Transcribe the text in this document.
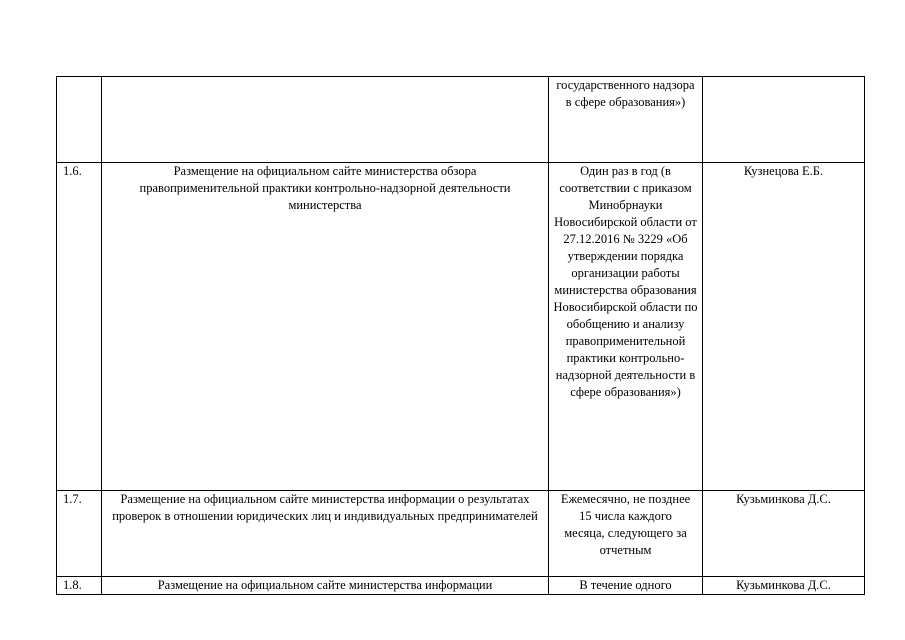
		государственного надзора в сфере образования»)	

1.6.	Размещение на официальном сайте министерства обзора правоприменительной практики контрольно-надзорной деятельности министерства	Один раз в год (в соответствии с приказом Минобрнауки Новосибирской области от 27.12.2016 № 3229 «Об утверждении порядка организации работы министерства образования Новосибирской области по обобщению и анализу правоприменительной практики контрольно-надзорной деятельности в сфере образования»)	Кузнецова Е.Б.
1.7.	Размещение на официальном сайте министерства информации о результатах проверок в отношении юридических лиц и индивидуальных предпринимателей	Ежемесячно, не позднее 15 числа каждого месяца, следующего за отчетным	Кузьминкова Д.С.
1.8.	Размещение на официальном сайте министерства информации	В течение одного	Кузьминкова Д.С.
